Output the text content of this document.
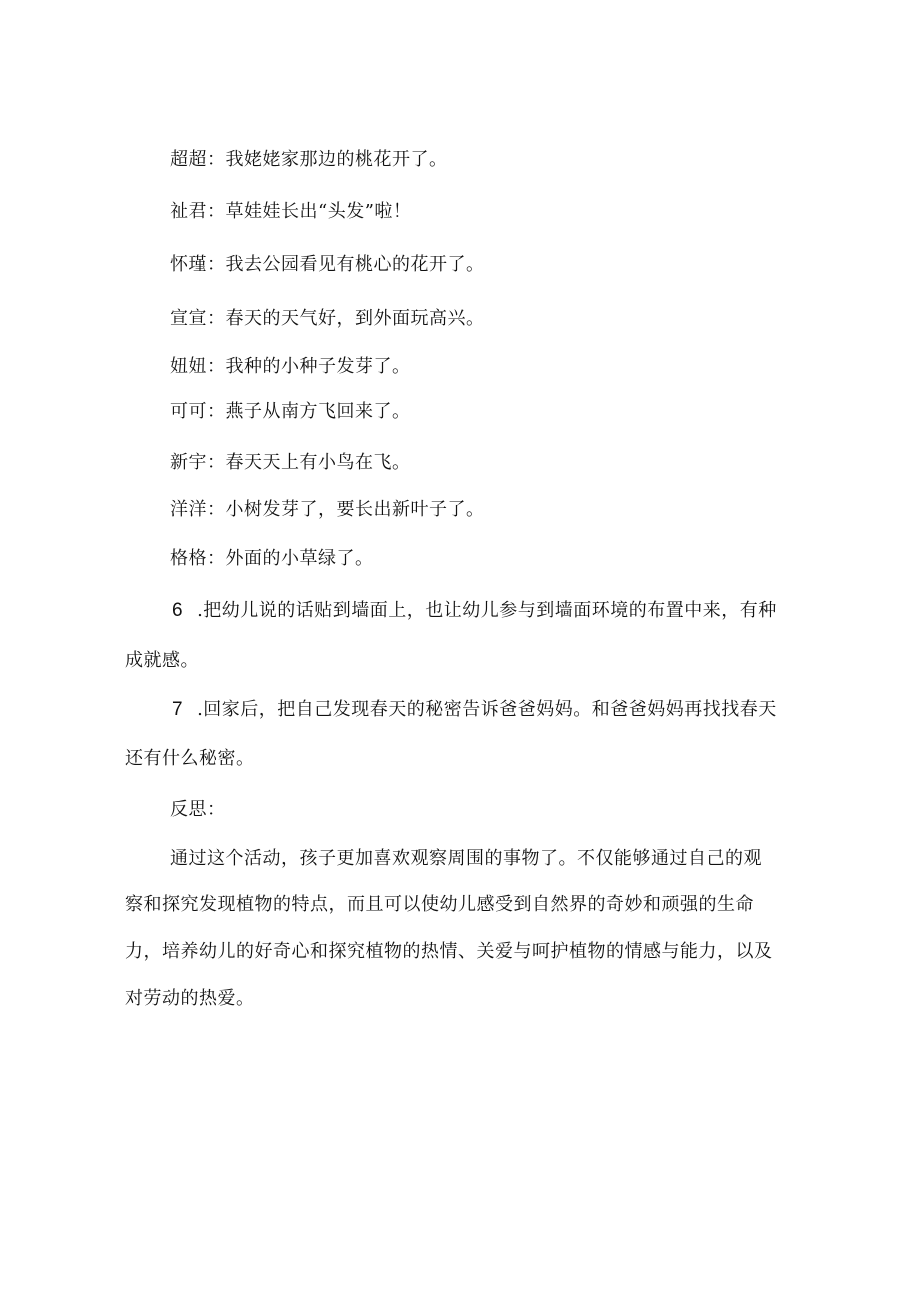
超超：我姥姥家那边的桃花开了。
祉君：草娃娃长出“头发”啦！
怀瑾：我去公园看见有桃心的花开了。
宣宣：春天的天气好，到外面玩高兴。
妞妞：我种的小种子发芽了。
可可：燕子从南方飞回来了。
新宇：春天天上有小鸟在飞。
洋洋：小树发芽了，要长出新叶子了。
格格：外面的小草绿了。
6 .把幼儿说的话贴到墙面上，也让幼儿参与到墙面环境的布置中来，有种
成就感。
7 .回家后，把自己发现春天的秘密告诉爸爸妈妈。和爸爸妈妈再找找春天
还有什么秘密。
反思：
通过这个活动，孩子更加喜欢观察周围的事物了。不仅能够通过自己的观
察和探究发现植物的特点，而且可以使幼儿感受到自然界的奇妙和顽强的生命
力，培养幼儿的好奇心和探究植物的热情、关爱与呵护植物的情感与能力，以及
对劳动的热爱。
